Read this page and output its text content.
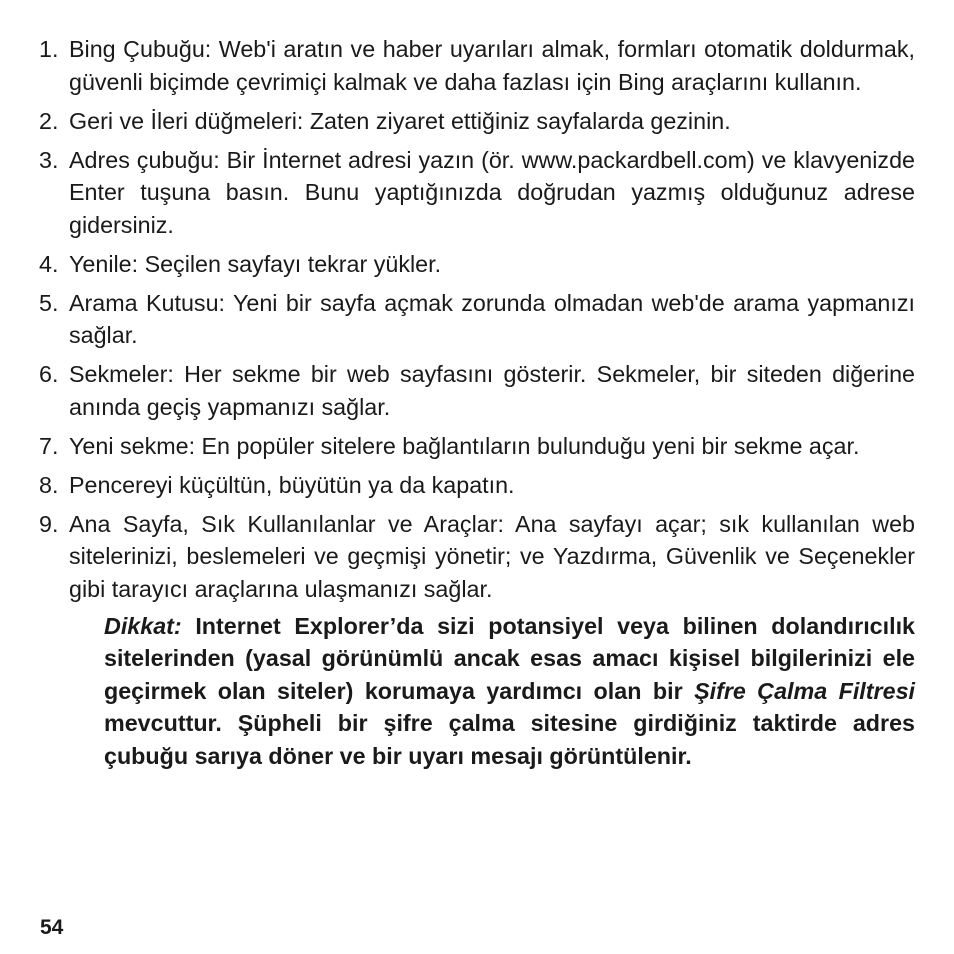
1. Bing Çubuğu: Web'i aratın ve haber uyarıları almak, formları otomatik doldurmak, güvenli biçimde çevrimiçi kalmak ve daha fazlası için Bing araçlarını kullanın.
2. Geri ve İleri düğmeleri: Zaten ziyaret ettiğiniz sayfalarda gezinin.
3. Adres çubuğu: Bir İnternet adresi yazın (ör. www.packardbell.com) ve klavyenizde Enter tuşuna basın. Bunu yaptığınızda doğrudan yazmış olduğunuz adrese gidersiniz.
4. Yenile: Seçilen sayfayı tekrar yükler.
5. Arama Kutusu: Yeni bir sayfa açmak zorunda olmadan web'de arama yapmanızı sağlar.
6. Sekmeler: Her sekme bir web sayfasını gösterir. Sekmeler, bir siteden diğerine anında geçiş yapmanızı sağlar.
7. Yeni sekme: En popüler sitelere bağlantıların bulunduğu yeni bir sekme açar.
8. Pencereyi küçültün, büyütün ya da kapatın.
9. Ana Sayfa, Sık Kullanılanlar ve Araçlar: Ana sayfayı açar; sık kullanılan web sitelerinizi, beslemeleri ve geçmişi yönetir; ve Yazdırma, Güvenlik ve Seçenekler gibi tarayıcı araçlarına ulaşmanızı sağlar.
Dikkat: Internet Explorer’da sizi potansiyel veya bilinen dolandırıcılık sitelerinden (yasal görünümlü ancak esas amacı kişisel bilgilerinizi ele geçirmek olan siteler) korumaya yardımcı olan bir Şifre Çalma Filtresi mevcuttur. Şüpheli bir şifre çalma sitesine girdiğiniz taktirde adres çubuğu sarıya döner ve bir uyarı mesajı görüntülenir.
54
